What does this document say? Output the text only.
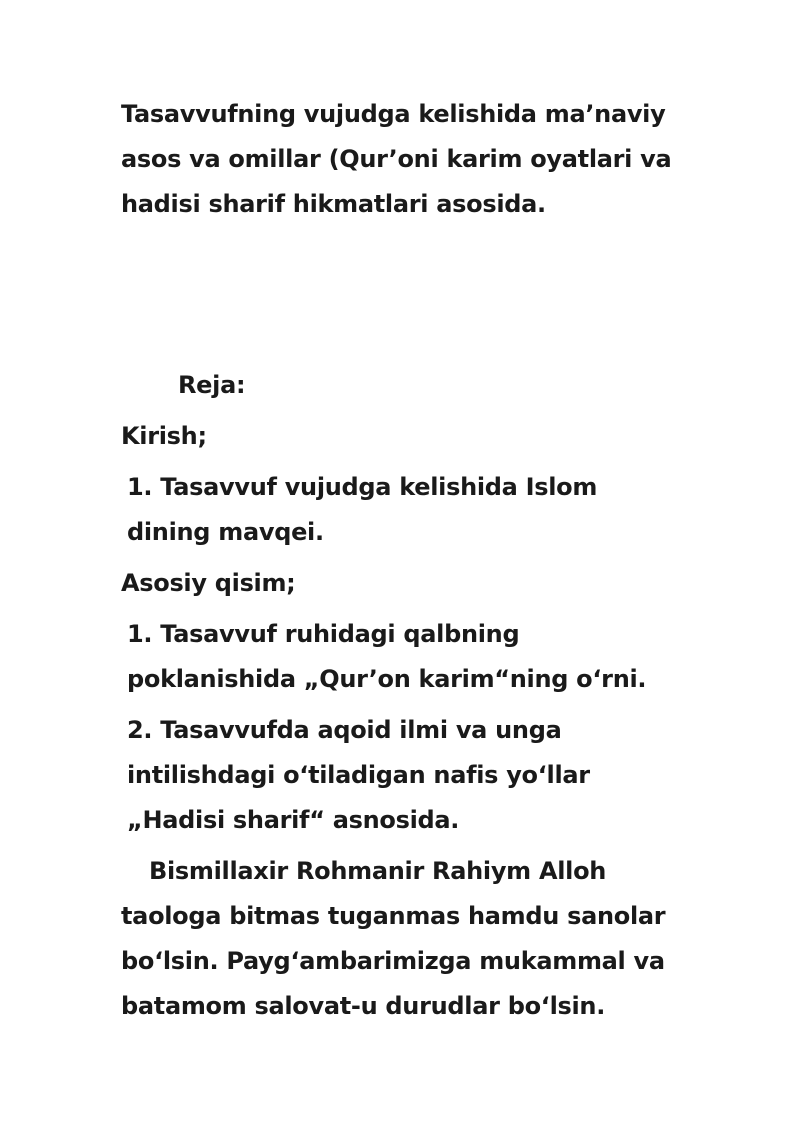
Tasavvufning vujudga kelishida ma’naviy
asos va omillar (Qur’oni karim oyatlari va
hadisi sharif hikmatlari asosida.

Reja:

Kirish;

1. Tasavvuf vujudga kelishida Islom
dining mavqei.

Asosiy qisim;

1. Tasavvuf ruhidagi qalbning
poklanishida „Qur’on karim“ning o‘rni.

2. Tasavvufda aqoid ilmi va unga
intilishdagi o‘tiladigan nafis yo‘llar
„Hadisi sharif“ asnosida.

Bismillaxir Rohmanir Rahiym Alloh
taologa bitmas tuganmas hamdu sanolar
bo‘lsin. Payg‘ambarimizga mukammal va
batamom salovat-u durudlar bo‘lsin.
